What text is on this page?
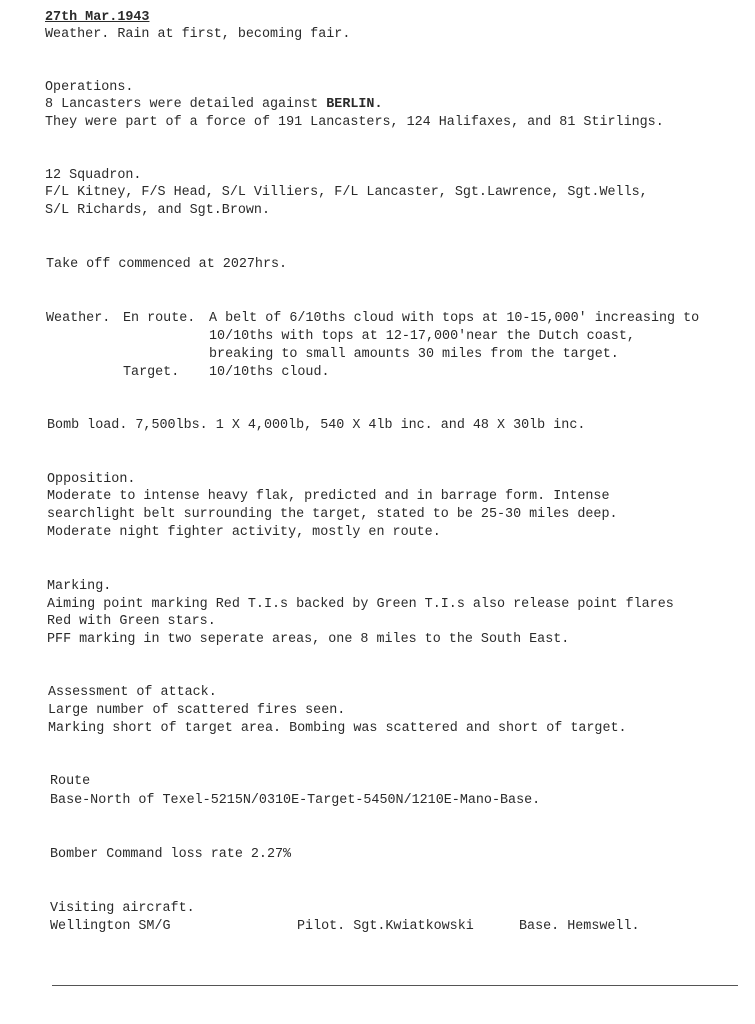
27th Mar.1943

Weather. Rain at first, becoming fair.

Operations.

8 Lancasters were detailed against BERLIN.

They were part of a force of 191 Lancasters, 124 Halifaxes, and 81 Stirlings.

12 Squadron.

F/L Kitney, F/S Head, S/L Villiers, F/L Lancaster, Sgt.Lawrence, Sgt.Wells,

S/L Richards, and Sgt.Brown.

Take off commenced at 2027hrs.

Weather. En route. A belt of 6/10ths cloud with tops at 10-15,000' increasing to

10/10ths with tops at 12-17,000'near the Dutch coast,

breaking to small amounts 30 miles from the target.

Target. 10/10ths cloud.

Bomb load. 7,500lbs. 1 X 4,000lb, 540 X 4lb inc. and 48 X 30lb inc.

Opposition.

Moderate to intense heavy flak, predicted and in barrage form. Intense

searchlight belt surrounding the target, stated to be 25-30 miles deep.

Moderate night fighter activity, mostly en route.

Marking.

Aiming point marking Red T.I.s backed by Green T.I.s also release point flares

Red with Green stars.

PFF marking in two seperate areas, one 8 miles to the South East.

Assessment of attack.

Large number of scattered fires seen.

Marking short of target area. Bombing was scattered and short of target.

Route

Base-North of Texel-5215N/0310E-Target-5450N/1210E-Mano-Base.

Bomber Command loss rate 2.27%

Visiting aircraft.

Wellington SM/G	Pilot. Sgt.Kwiatkowski	Base. Hemswell.
